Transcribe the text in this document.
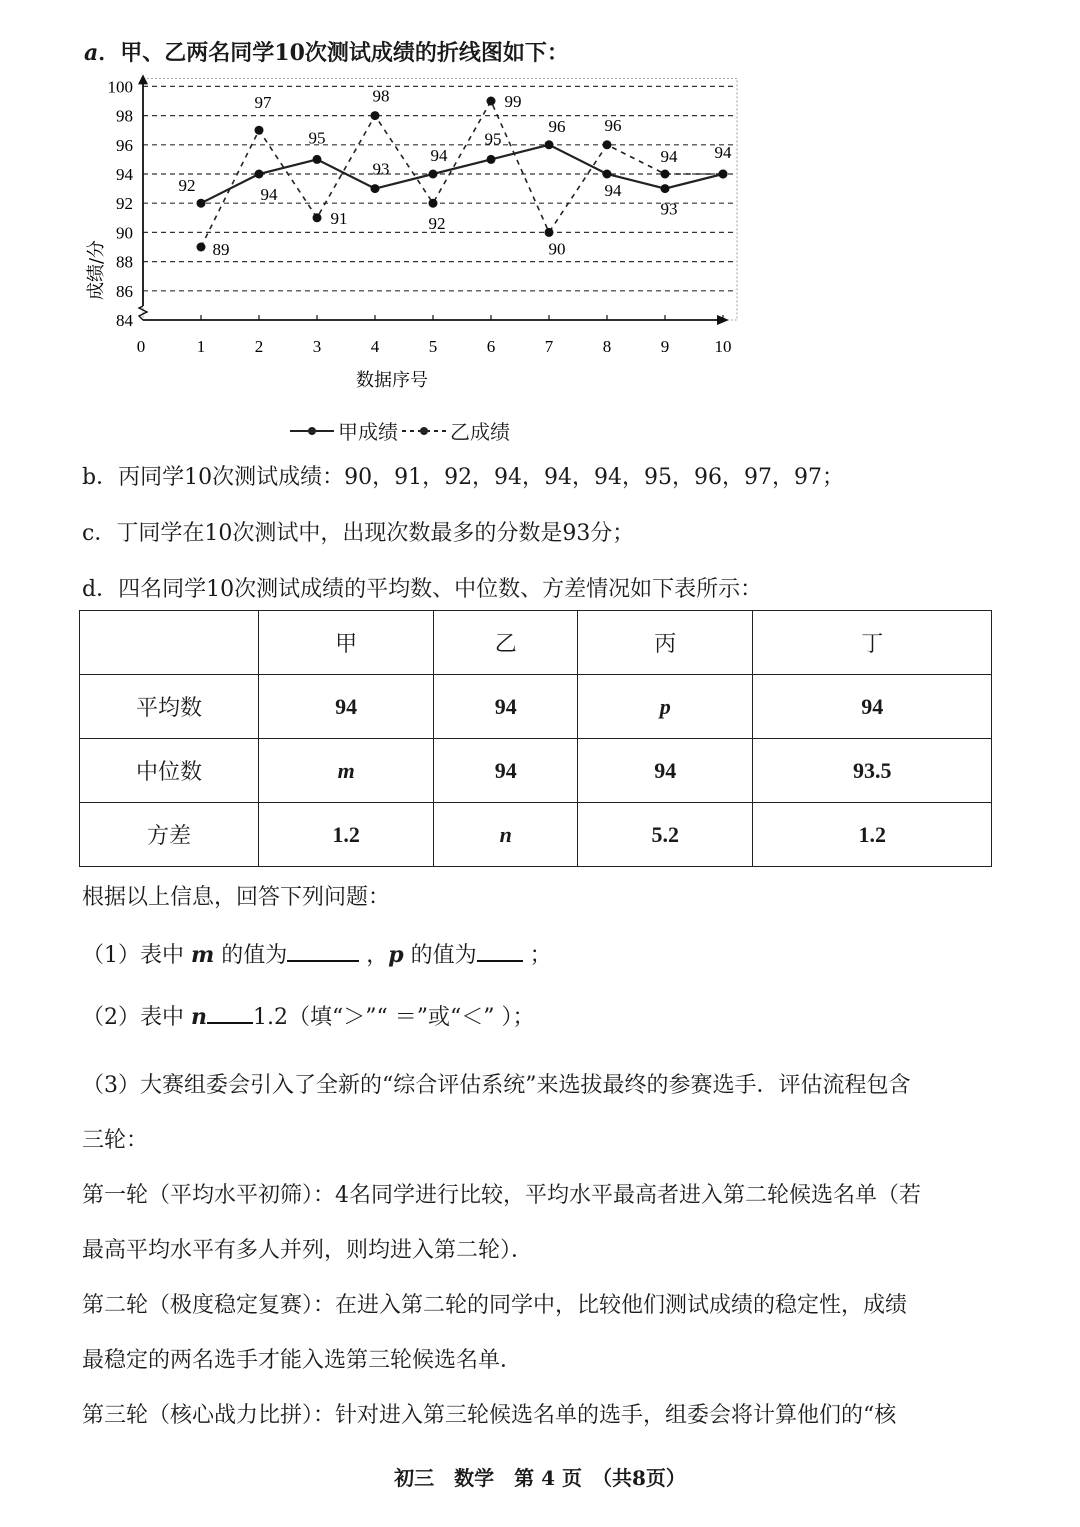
a．甲、乙两名同学10次测试成绩的折线图如下：
84
86
88
90
92
94
96
98
100
0	1	2	3	4	5	6	7	8	9	10
92	94
95
93
94
95
96
94
93
94
89
97
91
98
92
99
90
96
94
成绩/分
数据序号
甲成绩	乙成绩
b．丙同学10次测试成绩：90，91，92，94，94，94，95，96，97，97；
c．丁同学在10次测试中，出现次数最多的分数是93分；
d．四名同学10次测试成绩的平均数、中位数、方差情况如下表所示：
	甲	乙	丙	丁
平均数	94	94	p	94
中位数	m	94	94	93.5
方差	1.2	n	5.2	1.2
根据以上信息，回答下列问题：
（1）表中 m 的值为	，p 的值为 ；
（2）表中 n 1.2（填“＞”“ ＝”或“＜” ）；
（3）大赛组委会引入了全新的“综合评估系统”来选拔最终的参赛选手．评估流程包含
三轮：
第一轮（平均水平初筛）：4名同学进行比较，平均水平最高者进入第二轮候选名单（若
最高平均水平有多人并列，则均进入第二轮）．
第二轮（极度稳定复赛）：在进入第二轮的同学中，比较他们测试成绩的稳定性，成绩
最稳定的两名选手才能入选第三轮候选名单．
第三轮（核心战力比拼）：针对进入第三轮候选名单的选手，组委会将计算他们的“核
初三　数学　第 4 页　（共8页）
